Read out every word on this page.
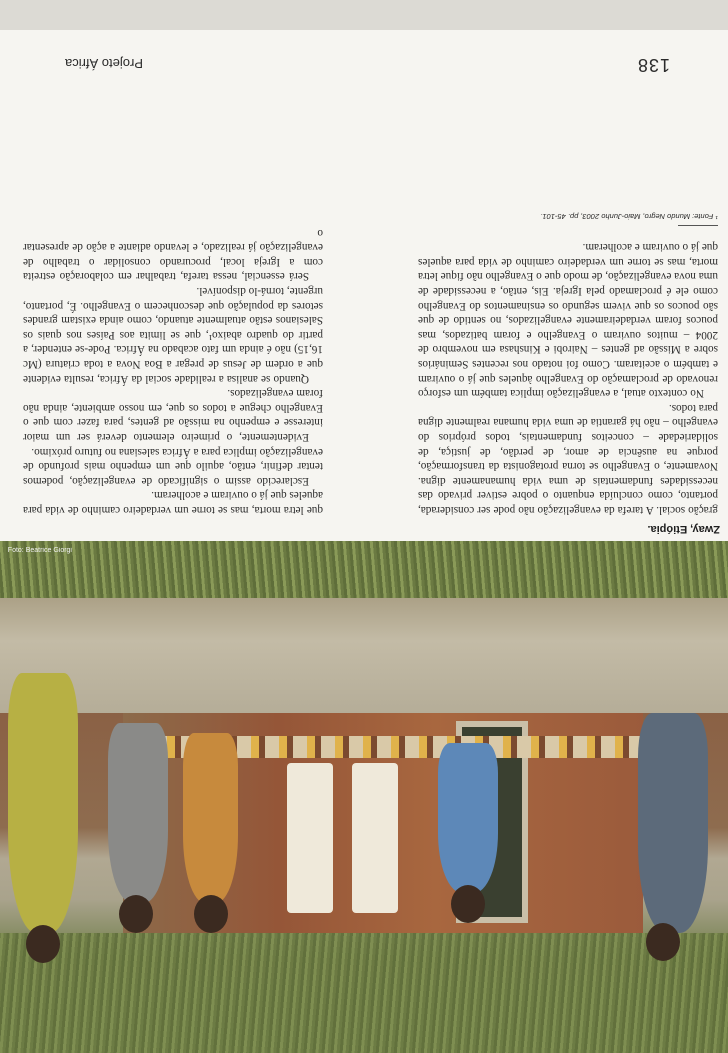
Foto: Beatrice Giorgi
Zway, Etiópia.

gração social. A tarefa da evangelização não pode ser considerada, portanto, como concluída enquanto o pobre estiver privado das necessidades fundamentais de uma vida humanamente digna. Novamente, o Evangelho se torna protagonista da transformação, porque na ausência de amor, de perdão, de justiça, de solidariedade – conceitos fundamentais, todos próprios do evangelho – não há garantia de uma vida humana realmente digna para todos.

No contexto atual, a evangelização implica também um esforço renovado de proclamação do Evangelho àqueles que já o ouviram e também o aceitaram. Como foi notado nos recentes Seminários sobre a Missão ad gentes – Nairobi e Kinshasa em novembro de 2004 – muitos ouviram o Evangelho e foram batizados, mas poucos foram verdadeiramente evangelizados, no sentido de que são poucos os que vivem segundo os ensinamentos do Evangelho como ele é proclamado pela Igreja. Eis, então, a necessidade de uma nova evangelização, de modo que o Evangelho não fique letra morta, mas se torne um verdadeiro caminho de vida para aqueles que já o ouviram e acolheram.

¹ Fonte: Mundo Negro, Maio-Junho 2003, pp. 45-101.

que letra morta, mas se torne um verdadeiro caminho de vida para aqueles que já o ouviram e acolheram.

Esclarecido assim o significado de evangelização, podemos tentar definir, então, aquilo que um empenho mais profundo de evangelização implica para a África salesiana no futuro próximo.

Evidentemente, o primeiro elemento deverá ser um maior interesse e empenho na missão ad gentes, para fazer com que o Evangelho chegue a todos os que, em nosso ambiente, ainda não foram evangelizados.

Quando se analisa a realidade social da África, resulta evidente que a ordem de Jesus de pregar a Boa Nova a toda criatura (Mc 16,15) não é ainda um fato acabado na África. Pode-se entender, a partir do quadro abaixo¹, que se limita aos Países nos quais os Salesianos estão atualmente atuando, como ainda existam grandes setores da população que desconhecem o Evangelho. É, portanto, urgente, torná-lo disponível.

Será essencial, nessa tarefa, trabalhar em colaboração estreita com a Igreja local, procurando consolidar o trabalho de evangelização já realizado, e levando adiante a ação de apresentar o

138
Projeto África
